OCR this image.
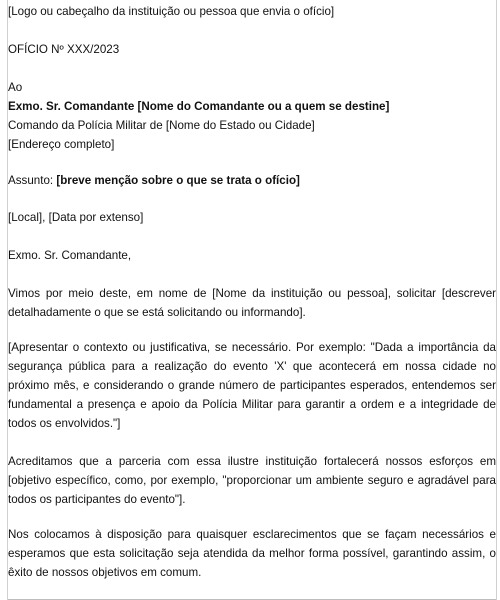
[Logo ou cabeçalho da instituição ou pessoa que envia o ofício]

OFÍCIO Nº XXX/2023

Ao

Exmo. Sr. Comandante [Nome do Comandante ou a quem se destine]

Comando da Polícia Militar de [Nome do Estado ou Cidade]

[Endereço completo]

Assunto: [breve menção sobre o que se trata o ofício]

[Local], [Data por extenso]

Exmo. Sr. Comandante,

Vimos por meio deste, em nome de [Nome da instituição ou pessoa], solicitar [descrever detalhadamente o que se está solicitando ou informando].

[Apresentar o contexto ou justificativa, se necessário. Por exemplo: "Dada a importância da segurança pública para a realização do evento 'X' que acontecerá em nossa cidade no próximo mês, e considerando o grande número de participantes esperados, entendemos ser fundamental a presença e apoio da Polícia Militar para garantir a ordem e a integridade de todos os envolvidos."]

Acreditamos que a parceria com essa ilustre instituição fortalecerá nossos esforços em [objetivo específico, como, por exemplo, "proporcionar um ambiente seguro e agradável para todos os participantes do evento"].

Nos colocamos à disposição para quaisquer esclarecimentos que se façam necessários e esperamos que esta solicitação seja atendida da melhor forma possível, garantindo assim, o êxito de nossos objetivos em comum.
